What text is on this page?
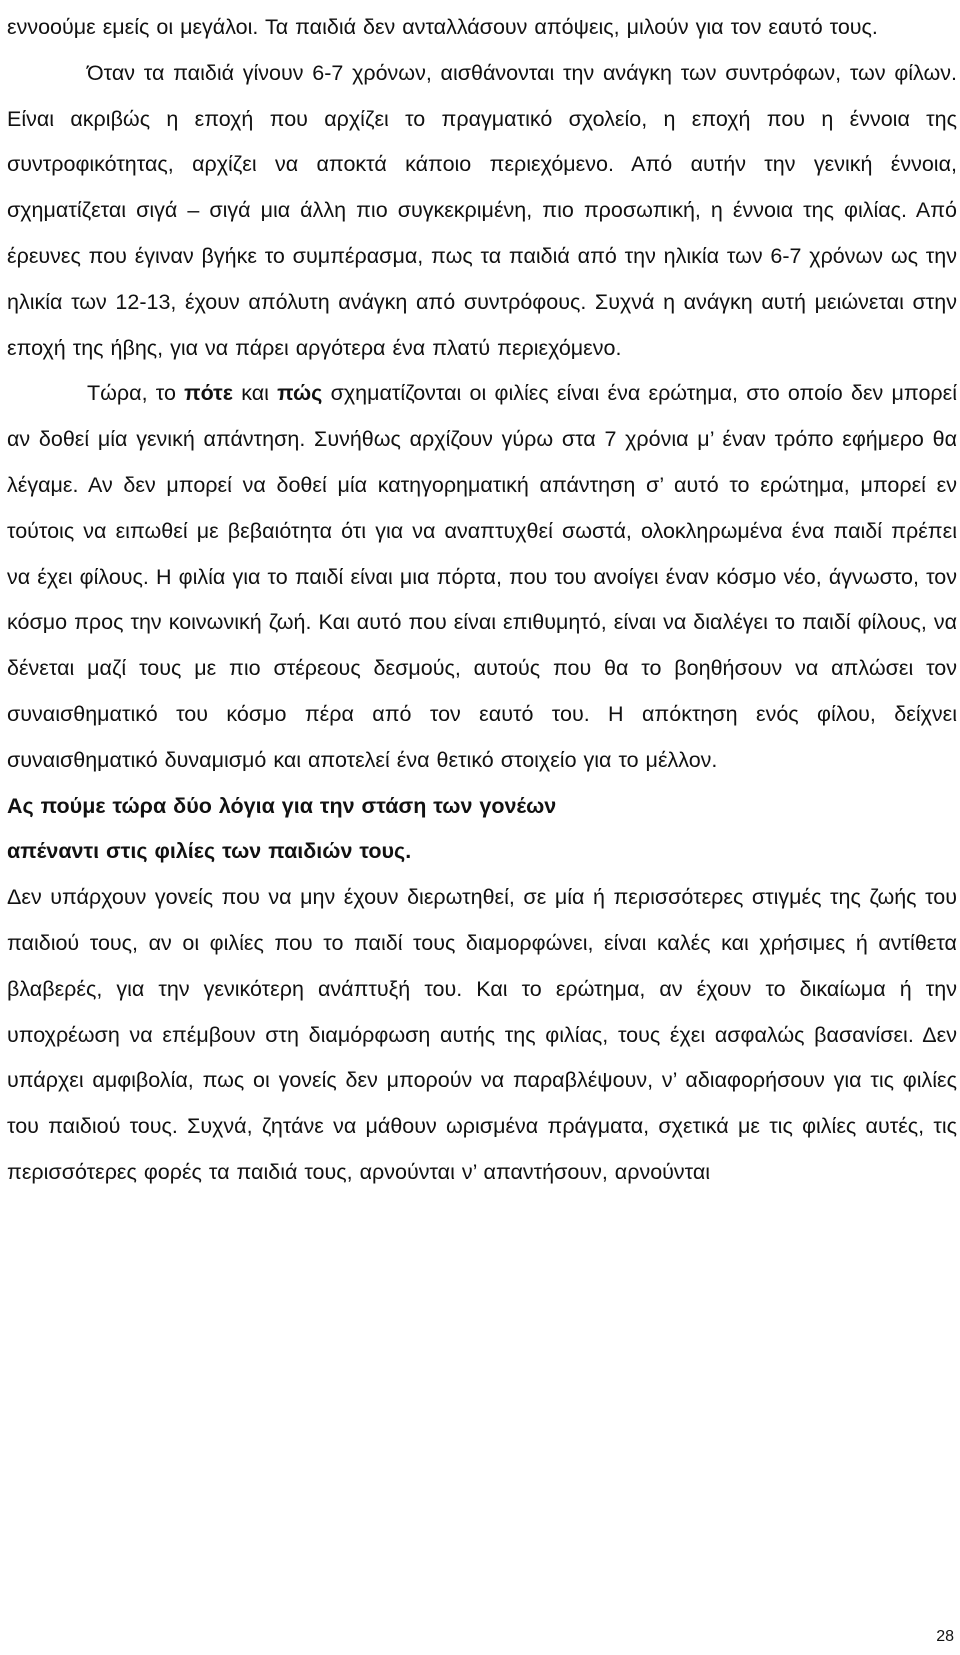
εννοούμε εμείς οι μεγάλοι. Τα παιδιά δεν ανταλλάσουν απόψεις, μιλούν για τον εαυτό τους.

Όταν τα παιδιά γίνουν 6-7 χρόνων, αισθάνονται την ανάγκη των συντρόφων, των φίλων. Είναι ακριβώς η εποχή που αρχίζει το πραγματικό σχολείο, η εποχή που η έννοια της συντροφικότητας, αρχίζει να αποκτά κάποιο περιεχόμενο. Από αυτήν την γενική έννοια, σχηματίζεται σιγά – σιγά μια άλλη πιο συγκεκριμένη, πιο προσωπική, η έννοια της φιλίας. Από έρευνες που έγιναν βγήκε το συμπέρασμα, πως τα παιδιά από την ηλικία των 6-7 χρόνων ως την ηλικία των 12-13, έχουν απόλυτη ανάγκη από συντρόφους. Συχνά η ανάγκη αυτή μειώνεται στην εποχή της ήβης, για να πάρει αργότερα ένα πλατύ περιεχόμενο.

Τώρα, το πότε και πώς σχηματίζονται οι φιλίες είναι ένα ερώτημα, στο οποίο δεν μπορεί αν δοθεί μία γενική απάντηση. Συνήθως αρχίζουν γύρω στα 7 χρόνια μ’ έναν τρόπο εφήμερο θα λέγαμε. Αν δεν μπορεί να δοθεί μία κατηγορηματική απάντηση σ’ αυτό το ερώτημα, μπορεί εν τούτοις να ειπωθεί με βεβαιότητα ότι για να αναπτυχθεί σωστά, ολοκληρωμένα ένα παιδί πρέπει να έχει φίλους. Η φιλία για το παιδί είναι μια πόρτα, που του ανοίγει έναν κόσμο νέο, άγνωστο, τον κόσμο προς την κοινωνική ζωή. Και αυτό που είναι επιθυμητό, είναι να διαλέγει το παιδί φίλους, να δένεται μαζί τους με πιο στέρεους δεσμούς, αυτούς που θα το βοηθήσουν να απλώσει τον συναισθηματικό του κόσμο πέρα από τον εαυτό του. Η απόκτηση ενός φίλου, δείχνει συναισθηματικό δυναμισμό και αποτελεί ένα θετικό στοιχείο για το μέλλον.

Ας πούμε τώρα δύο λόγια για την στάση των γονέων
απέναντι στις φιλίες των παιδιών τους.

Δεν υπάρχουν γονείς που να μην έχουν διερωτηθεί, σε μία ή περισσότερες στιγμές της ζωής του παιδιού τους, αν οι φιλίες που το παιδί τους διαμορφώνει, είναι καλές και χρήσιμες ή αντίθετα βλαβερές, για την γενικότερη ανάπτυξή του. Και το ερώτημα, αν έχουν το δικαίωμα ή την υποχρέωση να επέμβουν στη διαμόρφωση αυτής της φιλίας, τους έχει ασφαλώς βασανίσει. Δεν υπάρχει αμφιβολία, πως οι γονείς δεν μπορούν να παραβλέψουν, ν’ αδιαφορήσουν για τις φιλίες του παιδιού τους. Συχνά, ζητάνε να μάθουν ωρισμένα πράγματα, σχετικά με τις φιλίες αυτές, τις περισσότερες φορές τα παιδιά τους, αρνούνται ν’ απαντήσουν, αρνούνται

28
